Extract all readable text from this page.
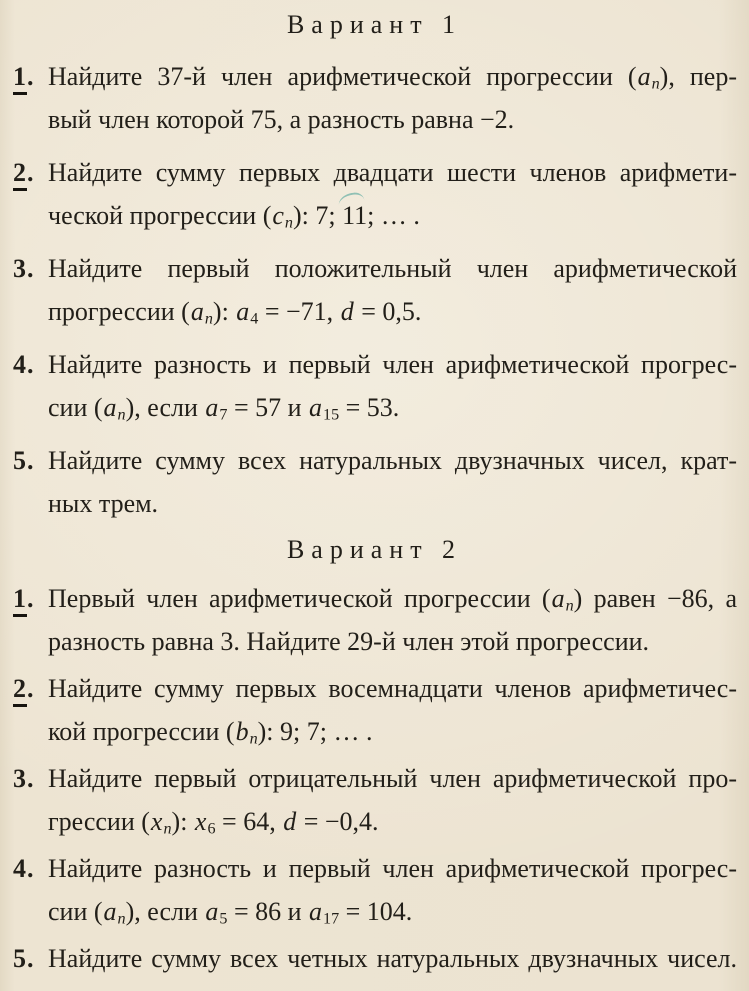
Вариант 1
1. Найдите 37-й член арифметической прогрессии $(a_n)$, пер-
вый член которой 75, а разность равна −2.
2. Найдите сумму первых двадцати шести членов арифмети-
ческой прогрессии $(c_n)$: 7; 11; … .
3. Найдите первый положительный член арифметической
прогрессии $(a_n)$: $a_4 = -71$, d = 0,5.
4. Найдите разность и первый член арифметической прогрес-
сии $(a_n)$, если $a_7 = 57$ и $a_{15} = 53$.
5. Найдите сумму всех натуральных двузначных чисел, крат-
ных трем.
Вариант 2
1. Первый член арифметической прогрессии $(a_n)$ равен −86, а
разность равна 3. Найдите 29-й член этой прогрессии.
2. Найдите сумму первых восемнадцати членов арифметичес-
кой прогрессии $(b_n)$: 9; 7; … .
3. Найдите первый отрицательный член арифметической про-
грессии $(x_n)$: $x_6 = 64$, d = −0,4.
4. Найдите разность и первый член арифметической прогрес-
сии $(a_n)$, если $a_5 = 86$ и $a_{17} = 104$.
5. Найдите сумму всех четных натуральных двузначных чисел.
